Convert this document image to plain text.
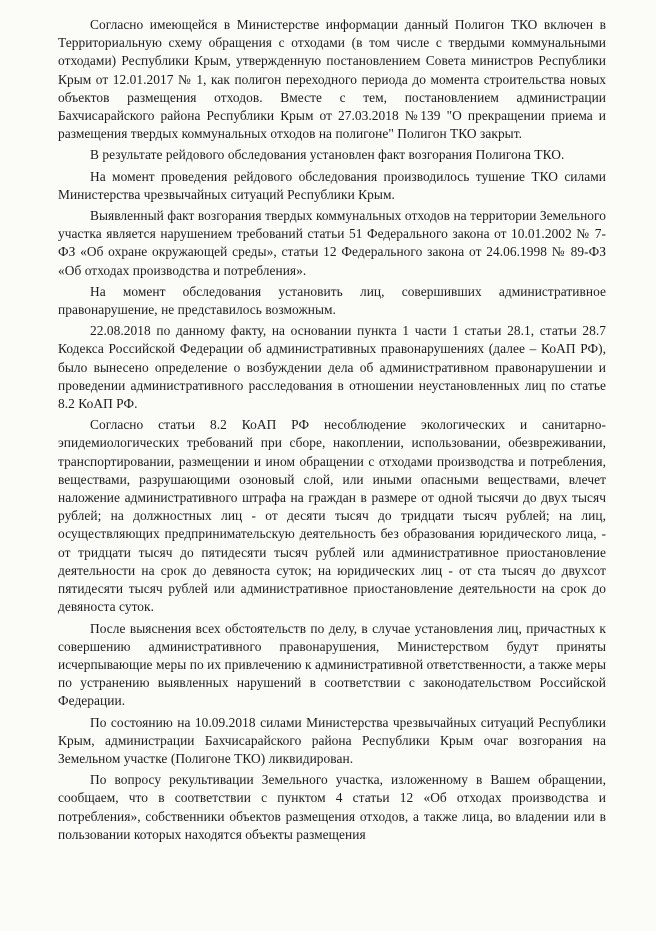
Согласно имеющейся в Министерстве информации данный Полигон ТКО включен в Территориальную схему обращения с отходами (в том числе с твердыми коммунальными отходами) Республики Крым, утвержденную постановлением Совета министров Республики Крым от 12.01.2017 № 1, как полигон переходного периода до момента строительства новых объектов размещения отходов. Вместе с тем, постановлением администрации Бахчисарайского района Республики Крым от 27.03.2018 №139 "О прекращении приема и размещения твердых коммунальных отходов на полигоне" Полигон ТКО закрыт.

В результате рейдового обследования установлен факт возгорания Полигона ТКО.

На момент проведения рейдового обследования производилось тушение ТКО силами Министерства чрезвычайных ситуаций Республики Крым.

Выявленный факт возгорания твердых коммунальных отходов на территории Земельного участка является нарушением требований статьи 51 Федерального закона от 10.01.2002 № 7-ФЗ «Об охране окружающей среды», статьи 12 Федерального закона от 24.06.1998 № 89-ФЗ «Об отходах производства и потребления».

На момент обследования установить лиц, совершивших административное правонарушение, не представилось возможным.

22.08.2018 по данному факту, на основании пункта 1 части 1 статьи 28.1, статьи 28.7 Кодекса Российской Федерации об административных правонарушениях (далее – КоАП РФ), было вынесено определение о возбуждении дела об административном правонарушении и проведении административного расследования в отношении неустановленных лиц по статье 8.2 КоАП РФ.

Согласно статьи 8.2 КоАП РФ несоблюдение экологических и санитарно-эпидемиологических требований при сборе, накоплении, использовании, обезвреживании, транспортировании, размещении и ином обращении с отходами производства и потребления, веществами, разрушающими озоновый слой, или иными опасными веществами, влечет наложение административного штрафа на граждан в размере от одной тысячи до двух тысяч рублей; на должностных лиц - от десяти тысяч до тридцати тысяч рублей; на лиц, осуществляющих предпринимательскую деятельность без образования юридического лица, - от тридцати тысяч до пятидесяти тысяч рублей или административное приостановление деятельности на срок до девяноста суток; на юридических лиц - от ста тысяч до двухсот пятидесяти тысяч рублей или административное приостановление деятельности на срок до девяноста суток.

После выяснения всех обстоятельств по делу, в случае установления лиц, причастных к совершению административного правонарушения, Министерством будут приняты исчерпывающие меры по их привлечению к административной ответственности, а также меры по устранению выявленных нарушений в соответствии с законодательством Российской Федерации.

По состоянию на 10.09.2018 силами Министерства чрезвычайных ситуаций Республики Крым, администрации Бахчисарайского района Республики Крым очаг возгорания на Земельном участке (Полигоне ТКО) ликвидирован.

По вопросу рекультивации Земельного участка, изложенному в Вашем обращении, сообщаем, что в соответствии с пунктом 4 статьи 12 «Об отходах производства и потребления», собственники объектов размещения отходов, а также лица, во владении или в пользовании которых находятся объекты размещения
